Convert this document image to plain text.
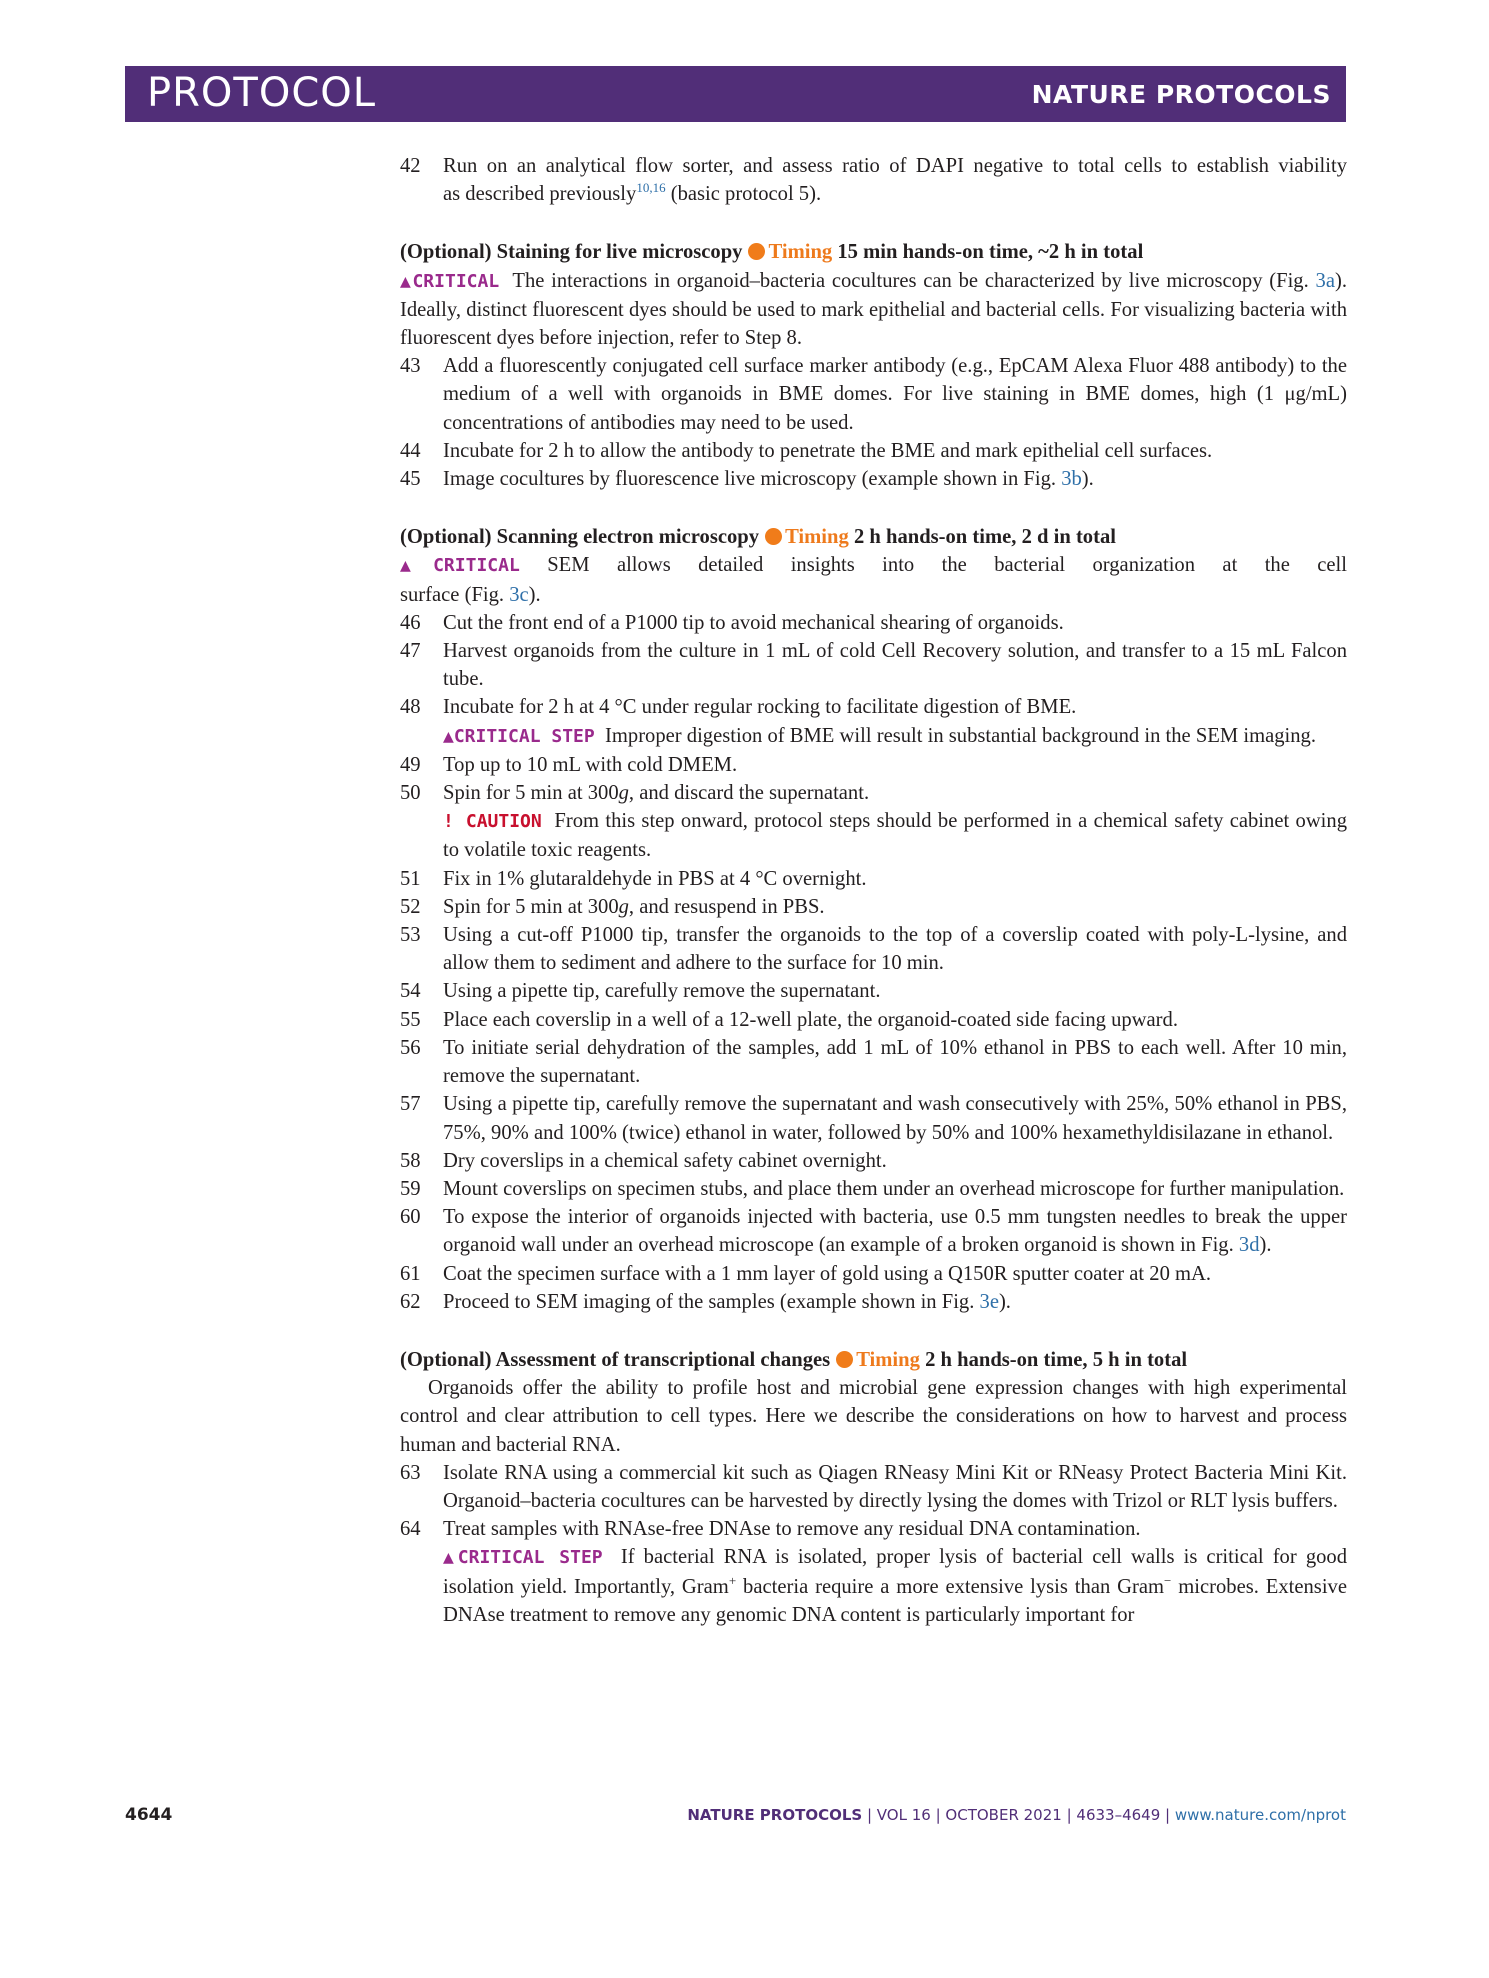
PROTOCOL	NATURE PROTOCOLS
42 Run on an analytical flow sorter, and assess ratio of DAPI negative to total cells to establish viability
as described previously$^{10,16}$ (basic protocol 5).
(Optional) Staining for live microscopy Timing 15 min hands-on time, ~2 h in total
▲CRITICAL The interactions in organoid–bacteria cocultures can be characterized by live microscopy (Fig. 3a). Ideally, distinct fluorescent dyes should be used to mark epithelial and bacterial cells. For visualizing bacteria with fluorescent dyes before injection, refer to Step 8.
43 Add a fluorescently conjugated cell surface marker antibody (e.g., EpCAM Alexa Fluor 488 antibody) to the medium of a well with organoids in BME domes. For live staining in BME domes, high (1 μg/mL) concentrations of antibodies may need to be used.
44 Incubate for 2 h to allow the antibody to penetrate the BME and mark epithelial cell surfaces.
45 Image cocultures by fluorescence live microscopy (example shown in Fig. 3b).
(Optional) Scanning electron microscopy Timing 2 h hands-on time, 2 d in total
▲CRITICAL SEM allows detailed insights into the bacterial organization at the cell
surface (Fig. 3c).
46 Cut the front end of a P1000 tip to avoid mechanical shearing of organoids.
47 Harvest organoids from the culture in 1 mL of cold Cell Recovery solution, and transfer to a 15 mL Falcon tube.
48 Incubate for 2 h at 4 °C under regular rocking to facilitate digestion of BME.
▲CRITICAL STEP Improper digestion of BME will result in substantial background in the SEM imaging.
49 Top up to 10 mL with cold DMEM.
50 Spin for 5 min at 300g, and discard the supernatant.
! CAUTION From this step onward, protocol steps should be performed in a chemical safety cabinet owing to volatile toxic reagents.
51 Fix in 1% glutaraldehyde in PBS at 4 °C overnight.
52 Spin for 5 min at 300g, and resuspend in PBS.
53 Using a cut-off P1000 tip, transfer the organoids to the top of a coverslip coated with poly-L-lysine, and allow them to sediment and adhere to the surface for 10 min.
54 Using a pipette tip, carefully remove the supernatant.
55 Place each coverslip in a well of a 12-well plate, the organoid-coated side facing upward.
56 To initiate serial dehydration of the samples, add 1 mL of 10% ethanol in PBS to each well. After 10 min, remove the supernatant.
57 Using a pipette tip, carefully remove the supernatant and wash consecutively with 25%, 50% ethanol in PBS, 75%, 90% and 100% (twice) ethanol in water, followed by 50% and 100% hexamethyldisilazane in ethanol.
58 Dry coverslips in a chemical safety cabinet overnight.
59 Mount coverslips on specimen stubs, and place them under an overhead microscope for further manipulation.
60 To expose the interior of organoids injected with bacteria, use 0.5 mm tungsten needles to break the upper organoid wall under an overhead microscope (an example of a broken organoid is shown in Fig. 3d).
61 Coat the specimen surface with a 1 mm layer of gold using a Q150R sputter coater at 20 mA.
62 Proceed to SEM imaging of the samples (example shown in Fig. 3e).
(Optional) Assessment of transcriptional changes Timing 2 h hands-on time, 5 h in total
Organoids offer the ability to profile host and microbial gene expression changes with high experimental control and clear attribution to cell types. Here we describe the considerations on how to harvest and process human and bacterial RNA.
63 Isolate RNA using a commercial kit such as Qiagen RNeasy Mini Kit or RNeasy Protect Bacteria Mini Kit. Organoid–bacteria cocultures can be harvested by directly lysing the domes with Trizol or RLT lysis buffers.
64 Treat samples with RNAse-free DNAse to remove any residual DNA contamination.
▲CRITICAL STEP If bacterial RNA is isolated, proper lysis of bacterial cell walls is critical for good isolation yield. Importantly, Gram+ bacteria require a more extensive lysis than Gram− microbes. Extensive DNAse treatment to remove any genomic DNA content is particularly important for
4644	NATURE PROTOCOLS | VOL 16 | OCTOBER 2021 | 4633–4649 | www.nature.com/nprot
